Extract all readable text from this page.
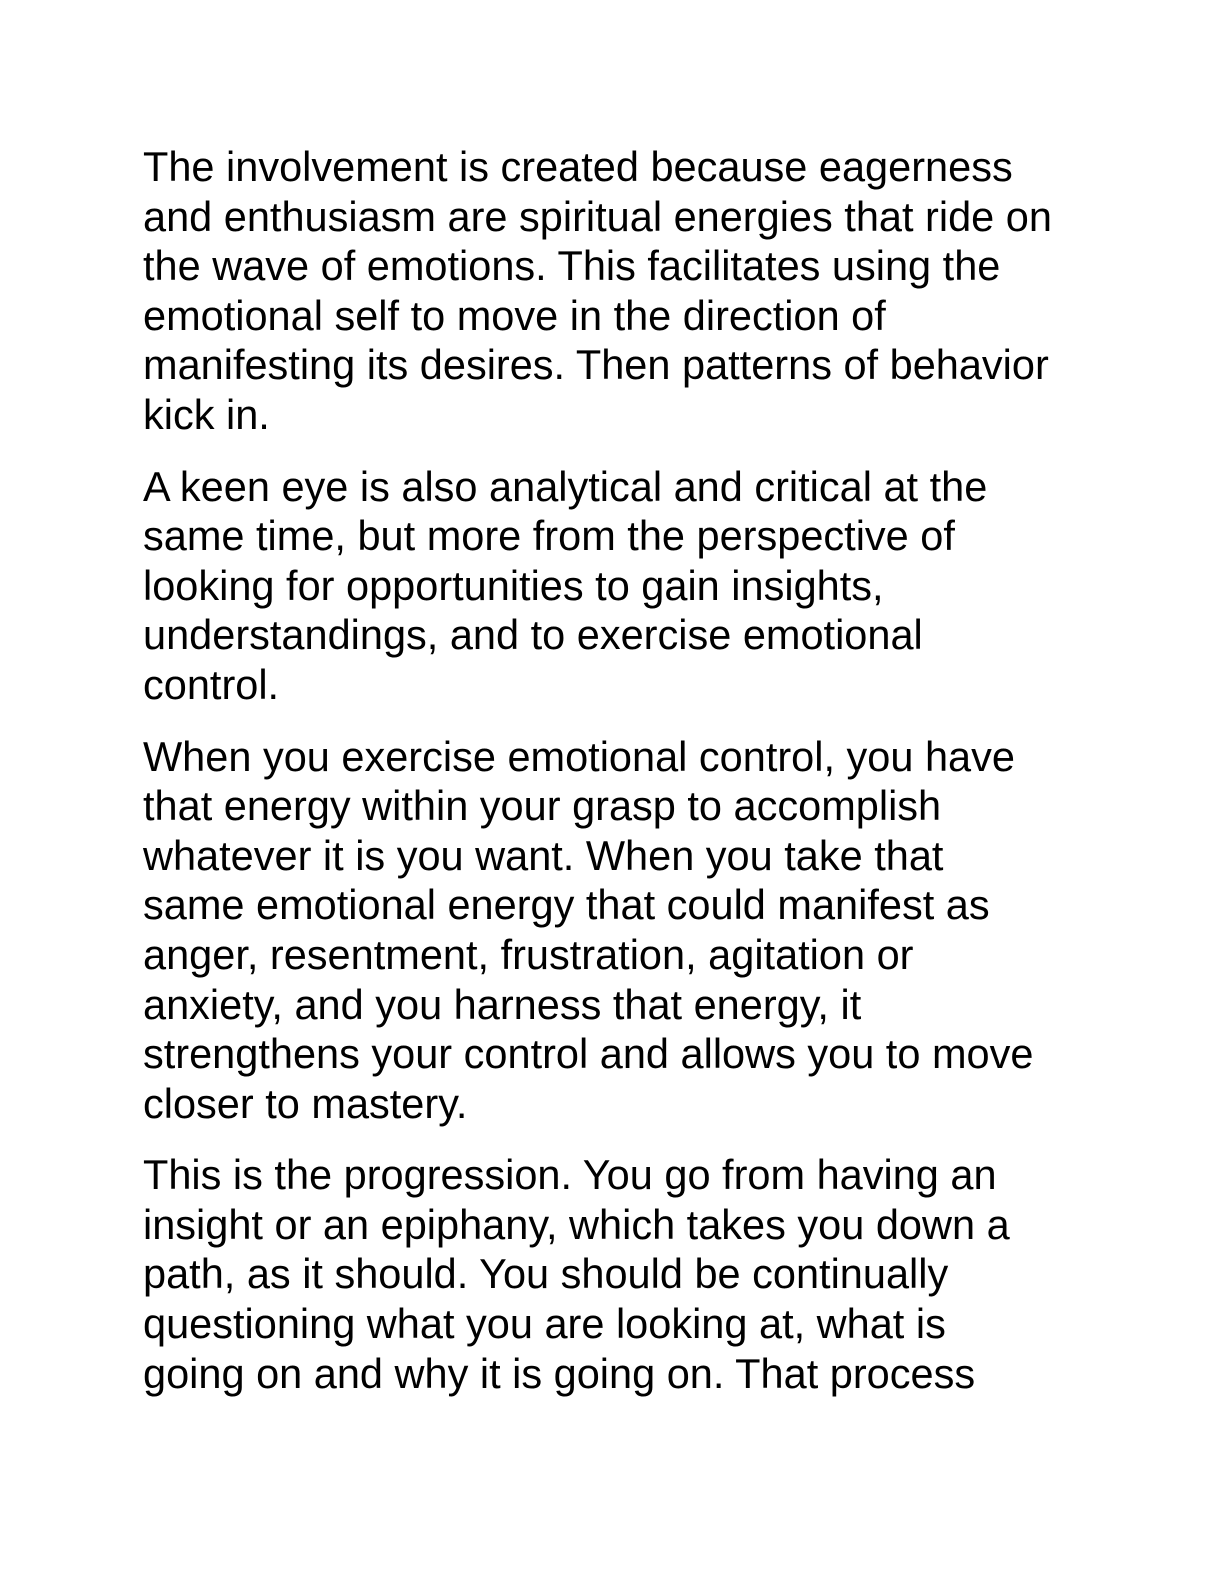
The involvement is created because eagerness
and enthusiasm are spiritual energies that ride on
the wave of emotions. This facilitates using the
emotional self to move in the direction of
manifesting its desires. Then patterns of behavior
kick in.

A keen eye is also analytical and critical at the
same time, but more from the perspective of
looking for opportunities to gain insights,
understandings, and to exercise emotional
control.

When you exercise emotional control, you have
that energy within your grasp to accomplish
whatever it is you want. When you take that
same emotional energy that could manifest as
anger, resentment, frustration, agitation or
anxiety, and you harness that energy, it
strengthens your control and allows you to move
closer to mastery.

This is the progression. You go from having an
insight or an epiphany, which takes you down a
path, as it should. You should be continually
questioning what you are looking at, what is
going on and why it is going on. That process
